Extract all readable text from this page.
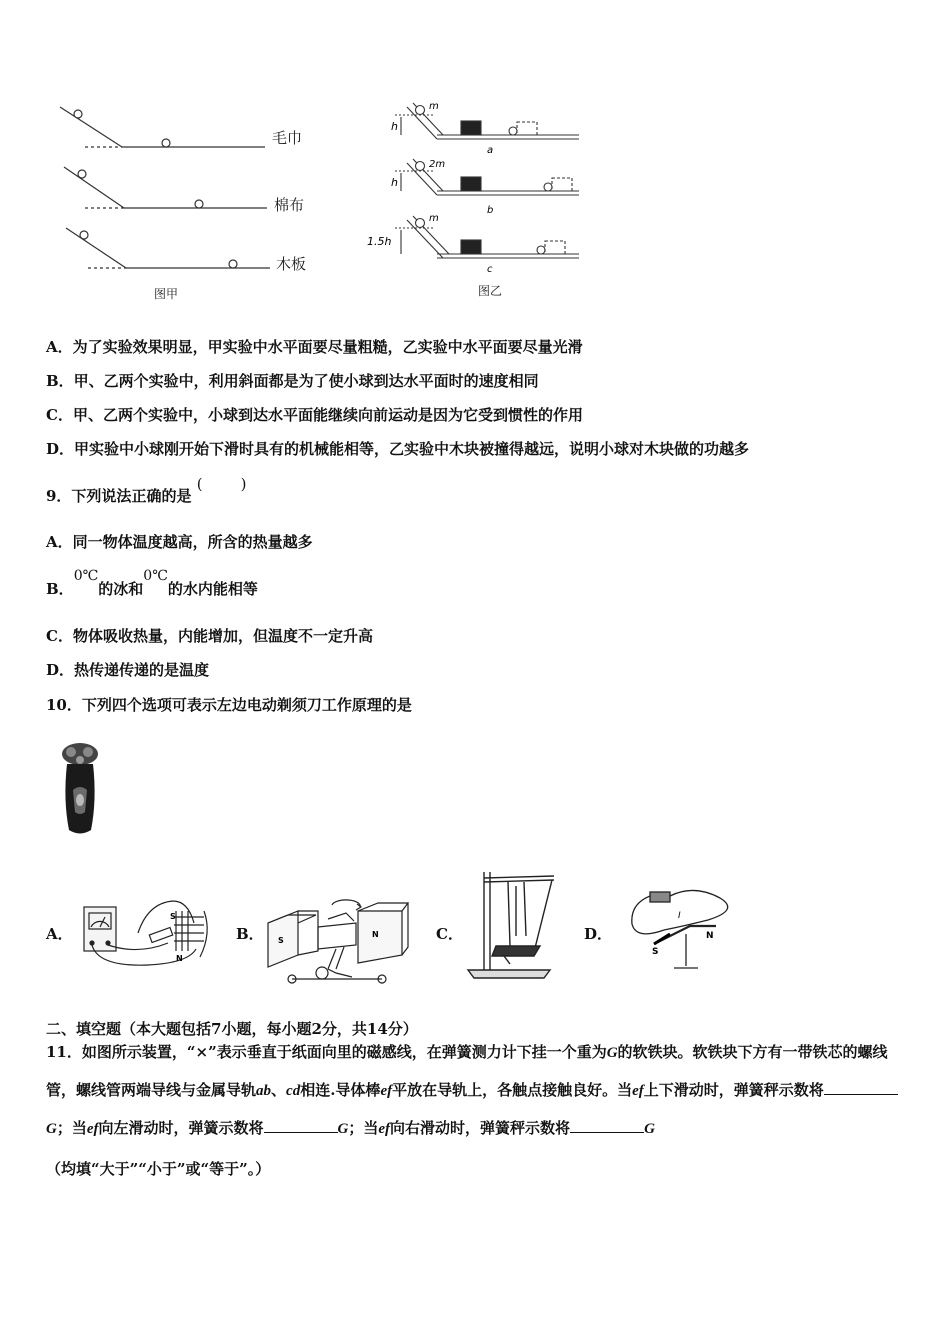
毛巾
棉布
木板
图甲
h
m
a
h
2m
b
1.5h
m
c
图乙
A．为了实验效果明显，甲实验中水平面要尽量粗糙，乙实验中水平面要尽量光滑
B．甲、乙两个实验中，利用斜面都是为了使小球到达水平面时的速度相同
C．甲、乙两个实验中，小球到达水平面能继续向前运动是因为它受到惯性的作用
D．甲实验中小球刚开始下滑时具有的机械能相等，乙实验中木块被撞得越远，说明小球对木块做的功越多
9．下列说法正确的是 (        )
A．同一物体温度越高，所含的热量越多
B．0℃的冰和0℃的水内能相等
C．物体吸收热量，内能增加，但温度不一定升高
D．热传递传递的是温度
10．下列四个选项可表示左边电动剃须刀工作原理的是
A．
S
N
B． S
N	C．	D．
I
N
S
二、填空题（本大题包括7小题，每小题2分，共14分）
11．如图所示装置，“×”表示垂直于纸面向里的磁感线，在弹簧测力计下挂一个重为G的软铁块。软铁块下方有一带铁芯的螺线管，螺线管两端导线与金属导轨ab、cd相连.导体棒ef平放在导轨上，各触点接触良好。当ef上下滑动时，弹簧秤示数将G；当ef向左滑动时，弹簧示数将	G；当ef向右滑动时，弹簧秤示数将	G
（均填“大于”“小于”或“等于”。）
